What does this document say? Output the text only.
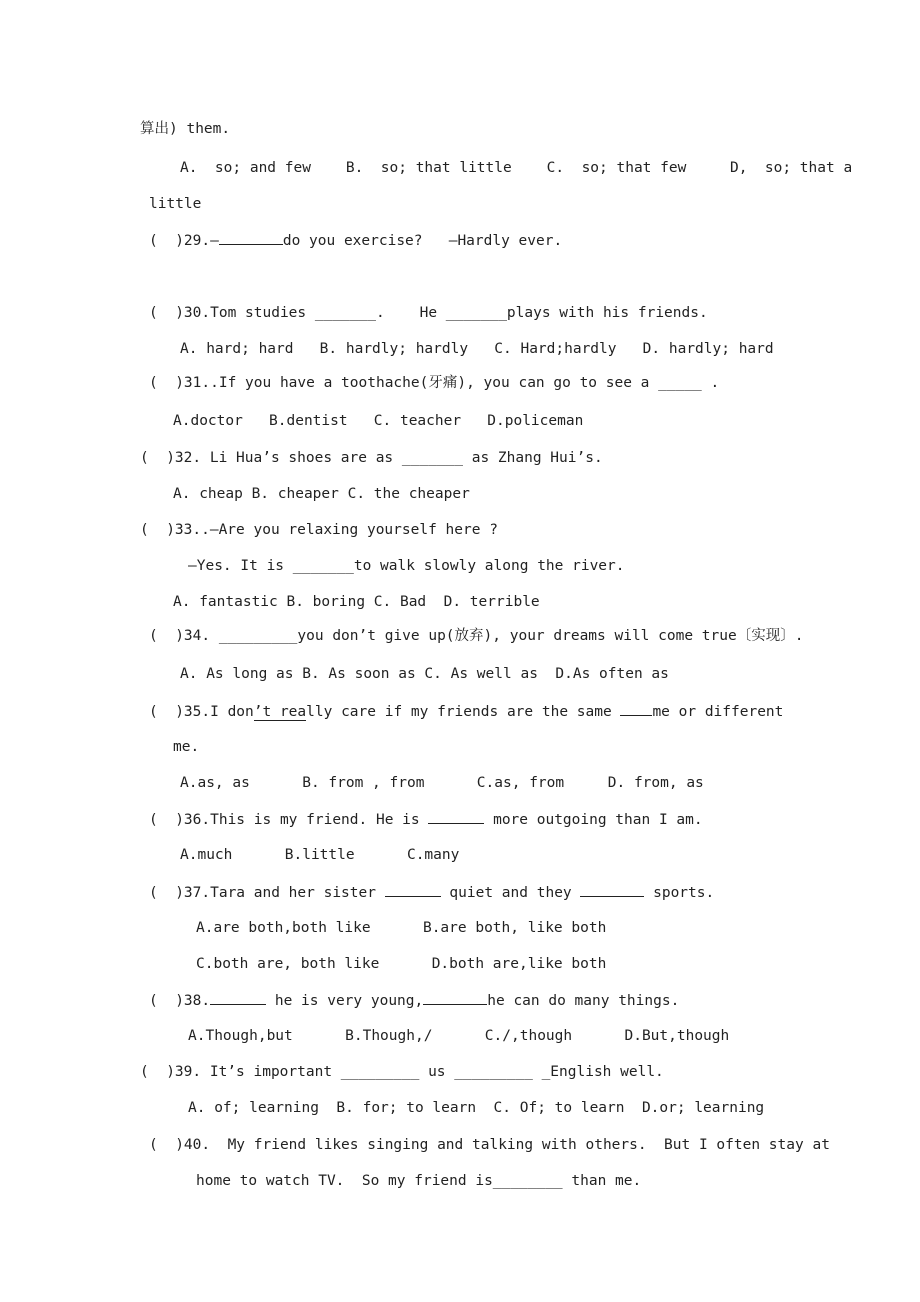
算出) them.
A.  so; and few    B.  so; that little    C.  so; that few     D,  so; that a
little
(  )29.—	do you exercise?   —Hardly ever.
(  )30.Tom studies _______.    He _______plays with his friends.
A. hard; hard   B. hardly; hardly   C. Hard;hardly   D. hardly; hard
(  )31..If you have a toothache(牙痛), you can go to see a _____ .
A.doctor   B.dentist   C. teacher   D.policeman
(  )32. Li Hua’s shoes are as _______ as Zhang Hui’s.
A. cheap B. cheaper C. the cheaper
(  )33..—Are you relaxing yourself here ?
—Yes. It is _______to walk slowly along the river.
A. fantastic B. boring C. Bad  D. terrible
(  )34. _________you don’t give up(放弃), your dreams will come true〔实现〕.
A. As long as B. As soon as C. As well as  D.As often as
(  )35.I don’t really care if my friends are the same me or different
me.
A.as, as      B. from , from      C.as, from     D. from, as
(  )36.This is my friend. He is	more outgoing than I am.
A.much      B.little      C.many
(  )37.Tara and her sister	quiet and they	sports.
A.are both,both like      B.are both, like both
C.both are, both like      D.both are,like both
(  )38.	he is very young,	he can do many things.
A.Though,but      B.Though,/      C./,though      D.But,though
(  )39. It’s important _________ us _________ _English well.
A. of; learning  B. for; to learn  C. Of; to learn  D.or; learning
(  )40.  My friend likes singing and talking with others.  But I often stay at
home to watch TV.  So my friend is________ than me.
